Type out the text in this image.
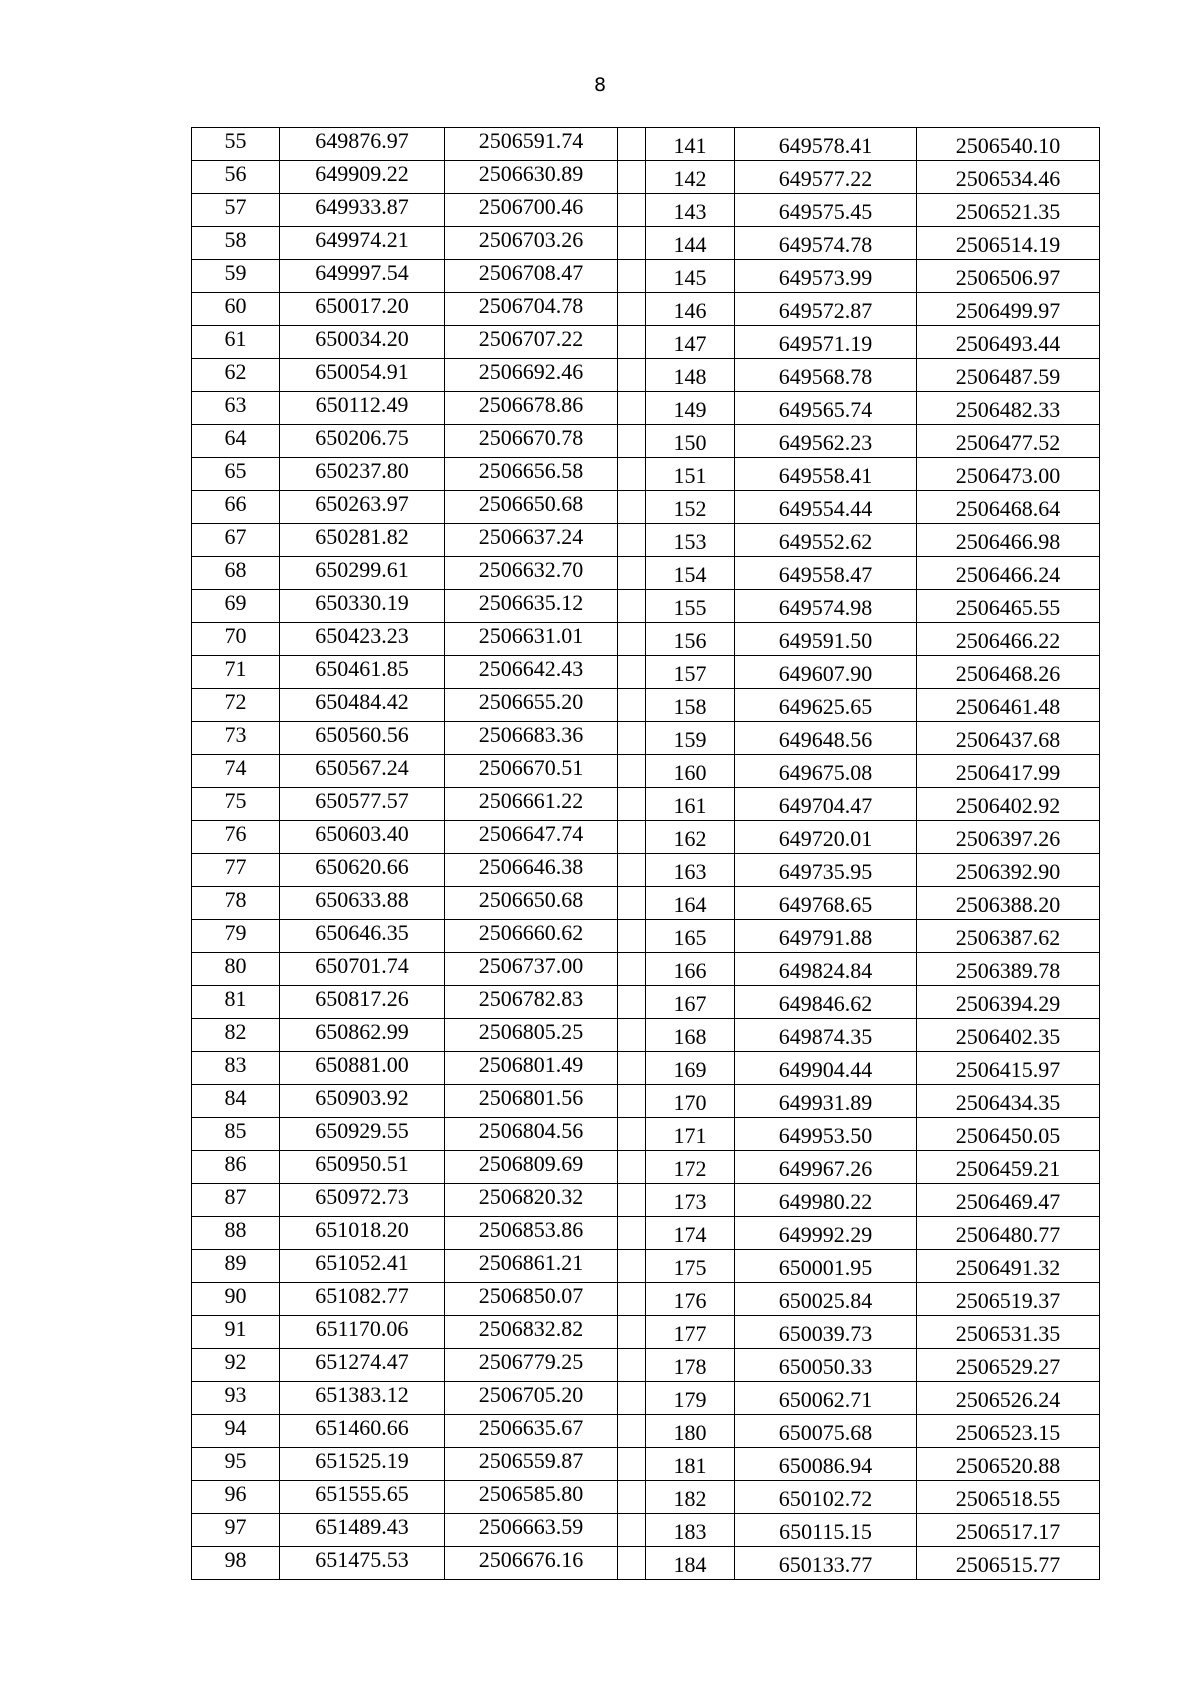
8
55	649876.97	2506591.74		141	649578.41	2506540.10
56	649909.22	2506630.89		142	649577.22	2506534.46
57	649933.87	2506700.46		143	649575.45	2506521.35
58	649974.21	2506703.26		144	649574.78	2506514.19
59	649997.54	2506708.47		145	649573.99	2506506.97
60	650017.20	2506704.78		146	649572.87	2506499.97
61	650034.20	2506707.22		147	649571.19	2506493.44
62	650054.91	2506692.46		148	649568.78	2506487.59
63	650112.49	2506678.86		149	649565.74	2506482.33
64	650206.75	2506670.78		150	649562.23	2506477.52
65	650237.80	2506656.58		151	649558.41	2506473.00
66	650263.97	2506650.68		152	649554.44	2506468.64
67	650281.82	2506637.24		153	649552.62	2506466.98
68	650299.61	2506632.70		154	649558.47	2506466.24
69	650330.19	2506635.12		155	649574.98	2506465.55
70	650423.23	2506631.01		156	649591.50	2506466.22
71	650461.85	2506642.43		157	649607.90	2506468.26
72	650484.42	2506655.20		158	649625.65	2506461.48
73	650560.56	2506683.36		159	649648.56	2506437.68
74	650567.24	2506670.51		160	649675.08	2506417.99
75	650577.57	2506661.22		161	649704.47	2506402.92
76	650603.40	2506647.74		162	649720.01	2506397.26
77	650620.66	2506646.38		163	649735.95	2506392.90
78	650633.88	2506650.68		164	649768.65	2506388.20
79	650646.35	2506660.62		165	649791.88	2506387.62
80	650701.74	2506737.00		166	649824.84	2506389.78
81	650817.26	2506782.83		167	649846.62	2506394.29
82	650862.99	2506805.25		168	649874.35	2506402.35
83	650881.00	2506801.49		169	649904.44	2506415.97
84	650903.92	2506801.56		170	649931.89	2506434.35
85	650929.55	2506804.56		171	649953.50	2506450.05
86	650950.51	2506809.69		172	649967.26	2506459.21
87	650972.73	2506820.32		173	649980.22	2506469.47
88	651018.20	2506853.86		174	649992.29	2506480.77
89	651052.41	2506861.21		175	650001.95	2506491.32
90	651082.77	2506850.07		176	650025.84	2506519.37
91	651170.06	2506832.82		177	650039.73	2506531.35
92	651274.47	2506779.25		178	650050.33	2506529.27
93	651383.12	2506705.20		179	650062.71	2506526.24
94	651460.66	2506635.67		180	650075.68	2506523.15
95	651525.19	2506559.87		181	650086.94	2506520.88
96	651555.65	2506585.80		182	650102.72	2506518.55
97	651489.43	2506663.59		183	650115.15	2506517.17
98	651475.53	2506676.16		184	650133.77	2506515.77
